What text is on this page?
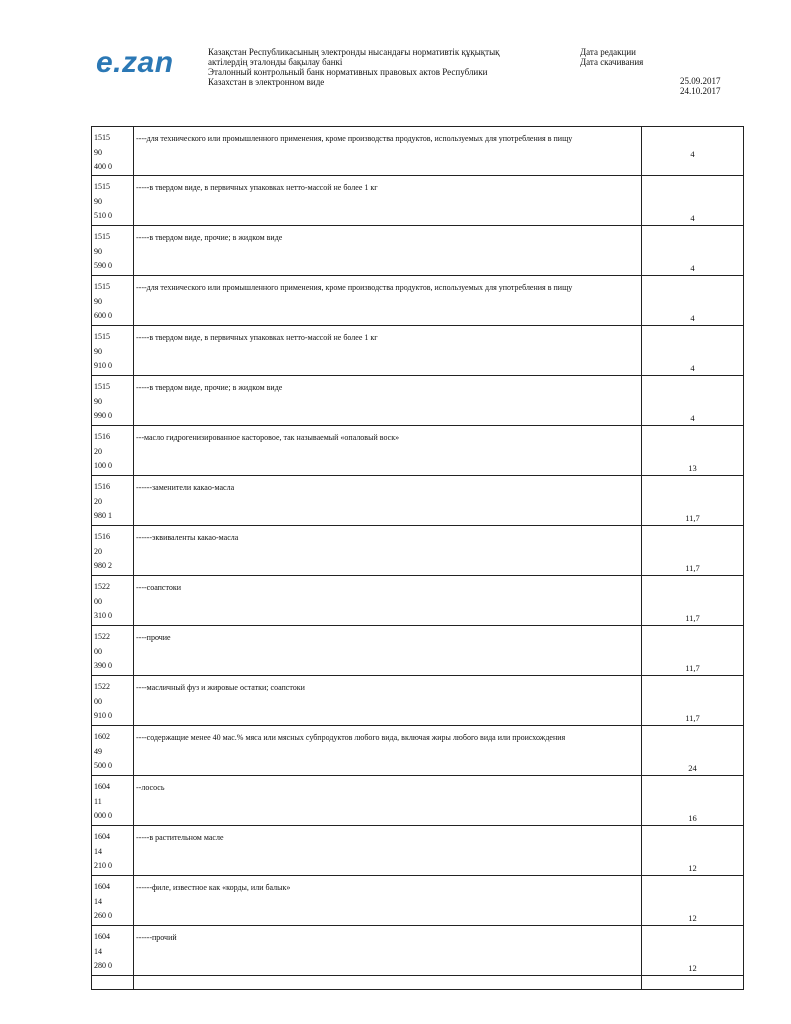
e.zan	Казақстан Республикасының электронды нысандағы нормативтік құқықтық
актілердің эталонды бақылау банкі
Эталонный контрольный банк нормативных правовых актов Республики
Казахстан в электронном виде
Дата редакции
Дата скачивания
25.09.2017
24.10.2017
1515
90
400 0	----для технического или промышленного применения, кроме производства продуктов, используемых для употребления в пищу	4

1515
90
510 0	-----в твердом виде, в первичных упаковках нетто-массой не более 1 кг	4

1515
90
590 0	-----в твердом виде, прочие; в жидком виде	4

1515
90
600 0	----для технического или промышленного применения, кроме производства продуктов, используемых для употребления в пищу	4

1515
90
910 0	-----в твердом виде, в первичных упаковках нетто-массой не более 1 кг	4

1515
90
990 0	-----в твердом виде, прочие; в жидком виде	4

1516
20
100 0	---масло гидрогенизированное касторовое, так называемый «опаловый воск»	13

1516
20
980 1	------заменители какао-масла	11,7

1516
20
980 2	------эквиваленты какао-масла	11,7

1522
00
310 0	----соапстоки	11,7

1522
00
390 0	----прочие	11,7

1522
00
910 0	----масличный фуз и жировые остатки; соапстоки	11,7

1602
49
500 0	----содержащие менее 40 мас.% мяса или мясных субпродуктов любого вида, включая жиры любого вида или происхождения	24

1604
11
000 0	--лосось	16

1604
14
210 0	-----в растительном масле	12

1604
14
260 0	------филе, известное как «корды, или балык»	12

1604
14
280 0	------прочий	12
